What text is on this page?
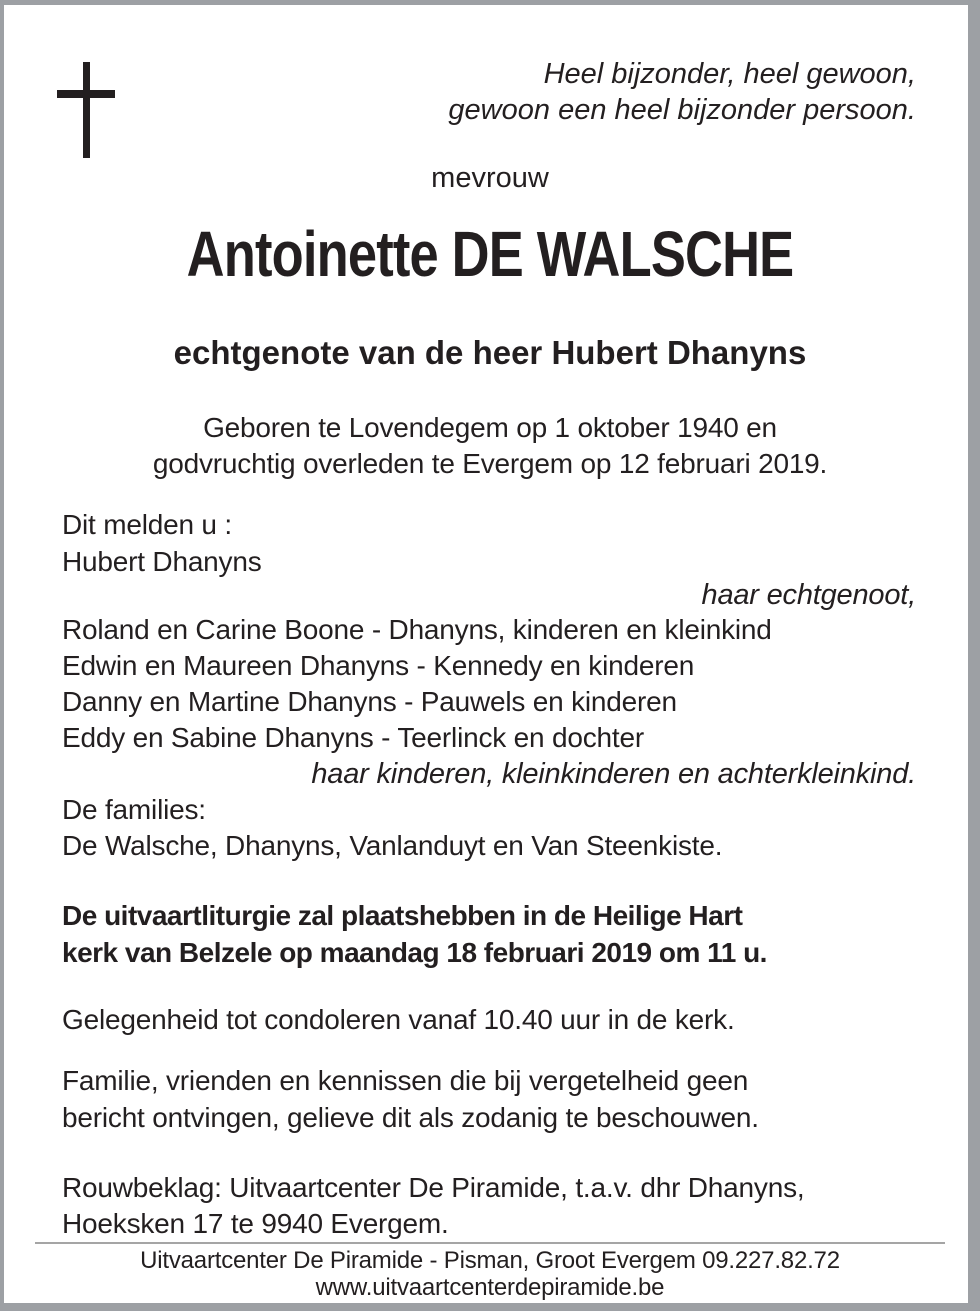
Heel bijzonder, heel gewoon,
gewoon een heel bijzonder persoon.
mevrouw
Antoinette DE WALSCHE
echtgenote van de heer Hubert Dhanyns
Geboren te Lovendegem op 1 oktober 1940 en
godvruchtig overleden te Evergem op 12 februari 2019.
Dit melden u :
Hubert Dhanyns
haar echtgenoot,
Roland en Carine Boone - Dhanyns, kinderen en kleinkind
Edwin en Maureen Dhanyns - Kennedy en kinderen
Danny en Martine Dhanyns - Pauwels en kinderen
Eddy en Sabine Dhanyns - Teerlinck en dochter
haar kinderen, kleinkinderen en achterkleinkind.
De families:
De Walsche, Dhanyns, Vanlanduyt en Van Steenkiste.
De uitvaartliturgie zal plaatshebben in de Heilige Hart
kerk van Belzele op maandag 18 februari 2019 om 11 u.
Gelegenheid tot condoleren vanaf 10.40 uur in de kerk.
Familie, vrienden en kennissen die bij vergetelheid geen
bericht ontvingen, gelieve dit als zodanig te beschouwen.
Rouwbeklag: Uitvaartcenter De Piramide, t.a.v. dhr Dhanyns,
Hoeksken 17 te 9940 Evergem.
Uitvaartcenter De Piramide - Pisman, Groot Evergem 09.227.82.72
www.uitvaartcenterdepiramide.be
